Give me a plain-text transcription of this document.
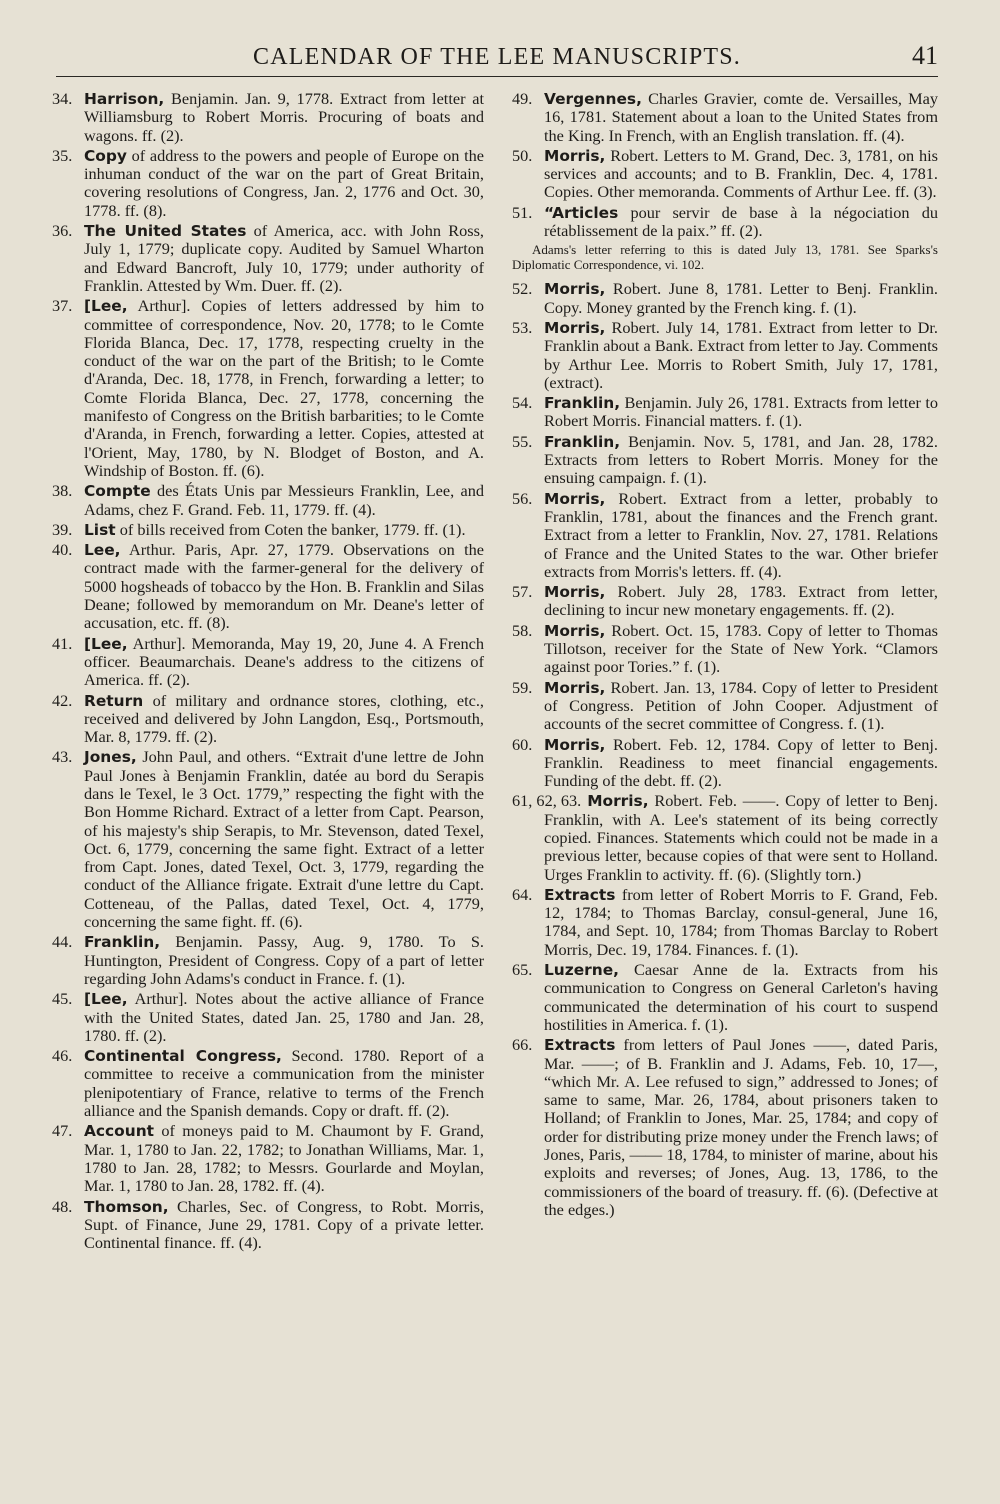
CALENDAR OF THE LEE MANUSCRIPTS.	41

34. Harrison, Benjamin. Jan. 9, 1778. Extract from letter at Williamsburg to Robert Morris. Procuring of boats and wagons. ff. (2).

35. Copy of address to the powers and people of Europe on the inhuman conduct of the war on the part of Great Britain, covering resolutions of Congress, Jan. 2, 1776 and Oct. 30, 1778. ff. (8).

36. The United States of America, acc. with John Ross, July 1, 1779; duplicate copy. Audited by Samuel Wharton and Edward Bancroft, July 10, 1779; under authority of Franklin. Attested by Wm. Duer. ff. (2).

37. [Lee, Arthur]. Copies of letters addressed by him to committee of correspondence, Nov. 20, 1778; to le Comte Florida Blanca, Dec. 17, 1778, respecting cruelty in the conduct of the war on the part of the British; to le Comte d'Aranda, Dec. 18, 1778, in French, forwarding a letter; to Comte Florida Blanca, Dec. 27, 1778, concerning the manifesto of Congress on the British barbarities; to le Comte d'Aranda, in French, forwarding a letter. Copies, attested at l'Orient, May, 1780, by N. Blodget of Boston, and A. Windship of Boston. ff. (6).

38. Compte des États Unis par Messieurs Franklin, Lee, and Adams, chez F. Grand. Feb. 11, 1779. ff. (4).

39. List of bills received from Coten the banker, 1779. ff. (1).

40. Lee, Arthur. Paris, Apr. 27, 1779. Observations on the contract made with the farmer-general for the delivery of 5000 hogsheads of tobacco by the Hon. B. Franklin and Silas Deane; followed by memorandum on Mr. Deane's letter of accusation, etc. ff. (8).

41. [Lee, Arthur]. Memoranda, May 19, 20, June 4. A French officer. Beaumarchais. Deane's address to the citizens of America. ff. (2).

42. Return of military and ordnance stores, clothing, etc., received and delivered by John Langdon, Esq., Portsmouth, Mar. 8, 1779. ff. (2).

43. Jones, John Paul, and others. “Extrait d'une lettre de John Paul Jones à Benjamin Franklin, datée au bord du Serapis dans le Texel, le 3 Oct. 1779,” respecting the fight with the Bon Homme Richard. Extract of a letter from Capt. Pearson, of his majesty's ship Serapis, to Mr. Stevenson, dated Texel, Oct. 6, 1779, concerning the same fight. Extract of a letter from Capt. Jones, dated Texel, Oct. 3, 1779, regarding the conduct of the Alliance frigate. Extrait d'une lettre du Capt. Cotteneau, of the Pallas, dated Texel, Oct. 4, 1779, concerning the same fight. ff. (6).

44. Franklin, Benjamin. Passy, Aug. 9, 1780. To S. Huntington, President of Congress. Copy of a part of letter regarding John Adams's conduct in France. f. (1).

45. [Lee, Arthur]. Notes about the active alliance of France with the United States, dated Jan. 25, 1780 and Jan. 28, 1780. ff. (2).

46. Continental Congress, Second. 1780. Report of a committee to receive a communication from the minister plenipotentiary of France, relative to terms of the French alliance and the Spanish demands. Copy or draft. ff. (2).

47. Account of moneys paid to M. Chaumont by F. Grand, Mar. 1, 1780 to Jan. 22, 1782; to Jonathan Williams, Mar. 1, 1780 to Jan. 28, 1782; to Messrs. Gourlarde and Moylan, Mar. 1, 1780 to Jan. 28, 1782. ff. (4).

48. Thomson, Charles, Sec. of Congress, to Robt. Morris, Supt. of Finance, June 29, 1781. Copy of a private letter. Continental finance. ff. (4).

49. Vergennes, Charles Gravier, comte de. Versailles, May 16, 1781. Statement about a loan to the United States from the King. In French, with an English translation. ff. (4).

50. Morris, Robert. Letters to M. Grand, Dec. 3, 1781, on his services and accounts; and to B. Franklin, Dec. 4, 1781. Copies. Other memoranda. Comments of Arthur Lee. ff. (3).

51. “Articles pour servir de base à la négociation du rétablissement de la paix.” ff. (2).

Adams's letter referring to this is dated July 13, 1781. See Sparks's Diplomatic Correspondence, vi. 102.

52. Morris, Robert. June 8, 1781. Letter to Benj. Franklin. Copy. Money granted by the French king. f. (1).

53. Morris, Robert. July 14, 1781. Extract from letter to Dr. Franklin about a Bank. Extract from letter to Jay. Comments by Arthur Lee. Morris to Robert Smith, July 17, 1781, (extract).

54. Franklin, Benjamin. July 26, 1781. Extracts from letter to Robert Morris. Financial matters. f. (1).

55. Franklin, Benjamin. Nov. 5, 1781, and Jan. 28, 1782. Extracts from letters to Robert Morris. Money for the ensuing campaign. f. (1).

56. Morris, Robert. Extract from a letter, probably to Franklin, 1781, about the finances and the French grant. Extract from a letter to Franklin, Nov. 27, 1781. Relations of France and the United States to the war. Other briefer extracts from Morris's letters. ff. (4).

57. Morris, Robert. July 28, 1783. Extract from letter, declining to incur new monetary engagements. ff. (2).

58. Morris, Robert. Oct. 15, 1783. Copy of letter to Thomas Tillotson, receiver for the State of New York. “Clamors against poor Tories.” f. (1).

59. Morris, Robert. Jan. 13, 1784. Copy of letter to President of Congress. Petition of John Cooper. Adjustment of accounts of the secret committee of Congress. f. (1).

60. Morris, Robert. Feb. 12, 1784. Copy of letter to Benj. Franklin. Readiness to meet financial engagements. Funding of the debt. ff. (2).

61, 62, 63. Morris, Robert. Feb. ——. Copy of letter to Benj. Franklin, with A. Lee's statement of its being correctly copied. Finances. Statements which could not be made in a previous letter, because copies of that were sent to Holland. Urges Franklin to activity. ff. (6). (Slightly torn.)

64. Extracts from letter of Robert Morris to F. Grand, Feb. 12, 1784; to Thomas Barclay, consul-general, June 16, 1784, and Sept. 10, 1784; from Thomas Barclay to Robert Morris, Dec. 19, 1784. Finances. f. (1).

65. Luzerne, Caesar Anne de la. Extracts from his communication to Congress on General Carleton's having communicated the determination of his court to suspend hostilities in America. f. (1).

66. Extracts from letters of Paul Jones ——, dated Paris, Mar. ——; of B. Franklin and J. Adams, Feb. 10, 17—, “which Mr. A. Lee refused to sign,” addressed to Jones; of same to same, Mar. 26, 1784, about prisoners taken to Holland; of Franklin to Jones, Mar. 25, 1784; and copy of order for distributing prize money under the French laws; of Jones, Paris, —— 18, 1784, to minister of marine, about his exploits and reverses; of Jones, Aug. 13, 1786, to the commissioners of the board of treasury. ff. (6). (Defective at the edges.)
